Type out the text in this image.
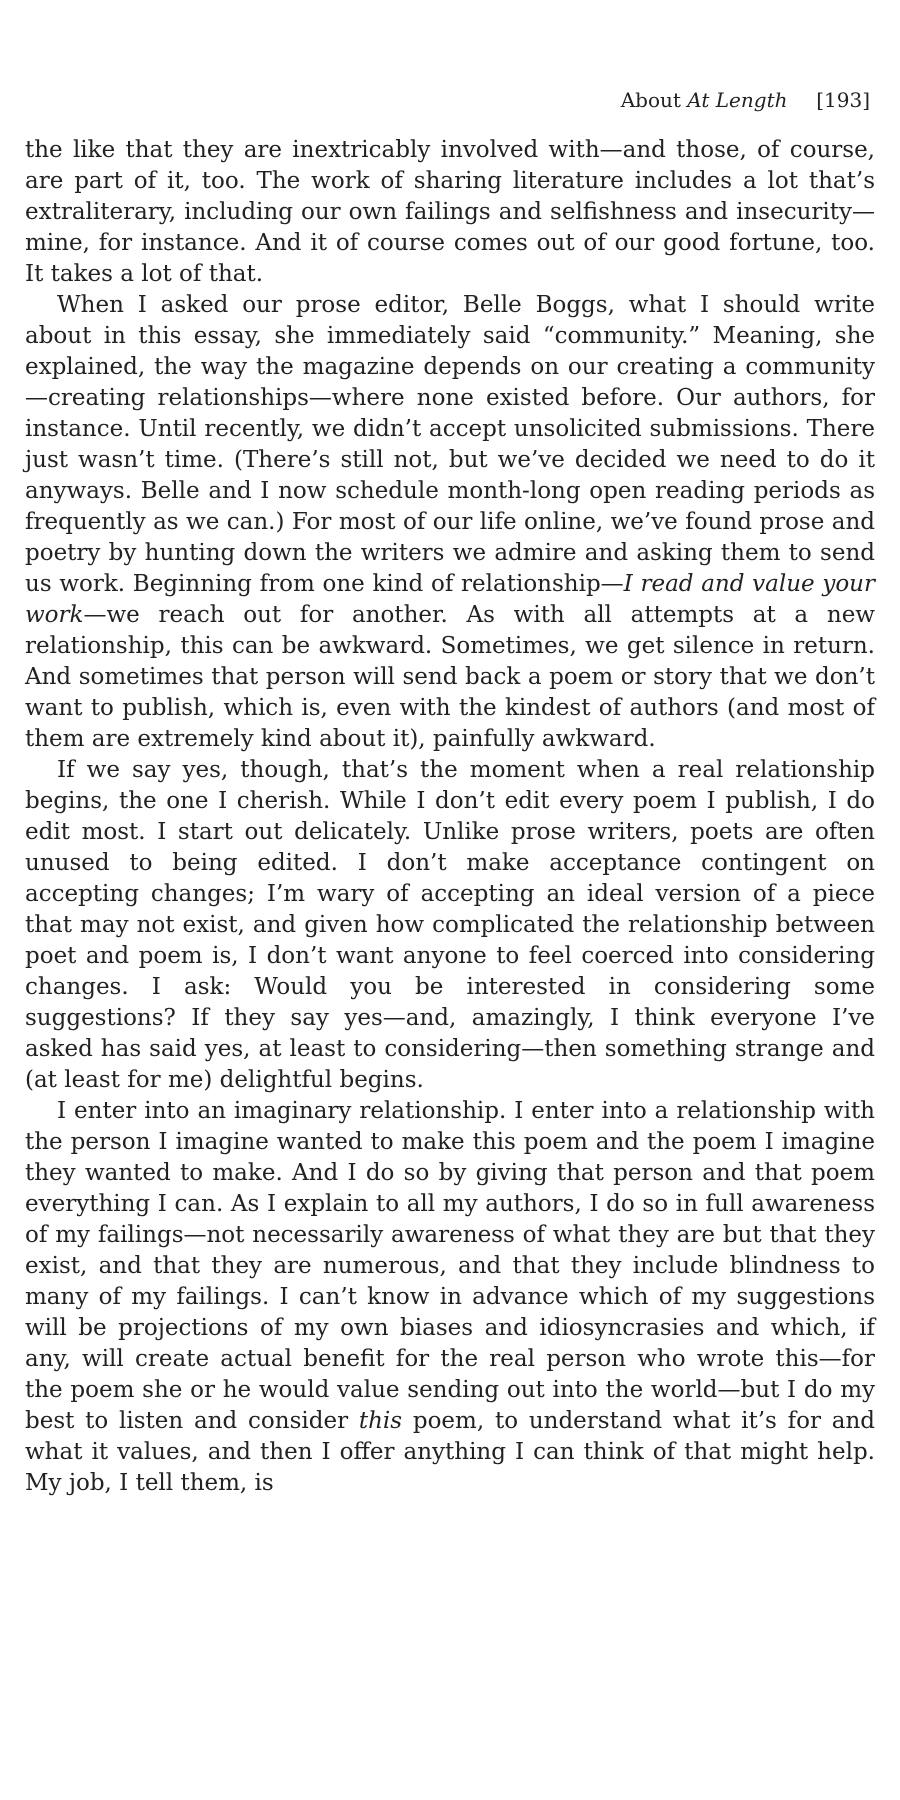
About At Length [193]

the like that they are inextricably involved with—and those, of course, are part of it, too. The work of sharing literature includes a lot that’s extraliterary, including our own failings and selfishness and insecurity—mine, for instance. And it of course comes out of our good fortune, too. It takes a lot of that.

When I asked our prose editor, Belle Boggs, what I should write about in this essay, she immediately said “community.” Meaning, she explained, the way the magazine depends on our creating a community—creating relationships—where none existed before. Our authors, for instance. Until recently, we didn’t accept unsolicited submissions. There just wasn’t time. (There’s still not, but we’ve decided we need to do it anyways. Belle and I now schedule month-long open reading periods as frequently as we can.) For most of our life online, we’ve found prose and poetry by hunting down the writers we admire and asking them to send us work. Beginning from one kind of relationship—I read and value your work—we reach out for another. As with all attempts at a new relationship, this can be awkward. Sometimes, we get silence in return. And sometimes that person will send back a poem or story that we don’t want to publish, which is, even with the kindest of authors (and most of them are extremely kind about it), painfully awkward.

If we say yes, though, that’s the moment when a real relationship begins, the one I cherish. While I don’t edit every poem I publish, I do edit most. I start out delicately. Unlike prose writers, poets are often unused to being edited. I don’t make acceptance contingent on accepting changes; I’m wary of accepting an ideal version of a piece that may not exist, and given how complicated the relationship between poet and poem is, I don’t want anyone to feel coerced into considering changes. I ask: Would you be interested in considering some suggestions? If they say yes—and, amazingly, I think everyone I’ve asked has said yes, at least to considering—then something strange and (at least for me) delightful begins.

I enter into an imaginary relationship. I enter into a relationship with the person I imagine wanted to make this poem and the poem I imagine they wanted to make. And I do so by giving that person and that poem everything I can. As I explain to all my authors, I do so in full awareness of my failings—not necessarily awareness of what they are but that they exist, and that they are numerous, and that they include blindness to many of my failings. I can’t know in advance which of my suggestions will be projections of my own biases and idiosyncrasies and which, if any, will create actual benefit for the real person who wrote this—for the poem she or he would value sending out into the world—but I do my best to listen and consider this poem, to understand what it’s for and what it values, and then I offer anything I can think of that might help. My job, I tell them, is
